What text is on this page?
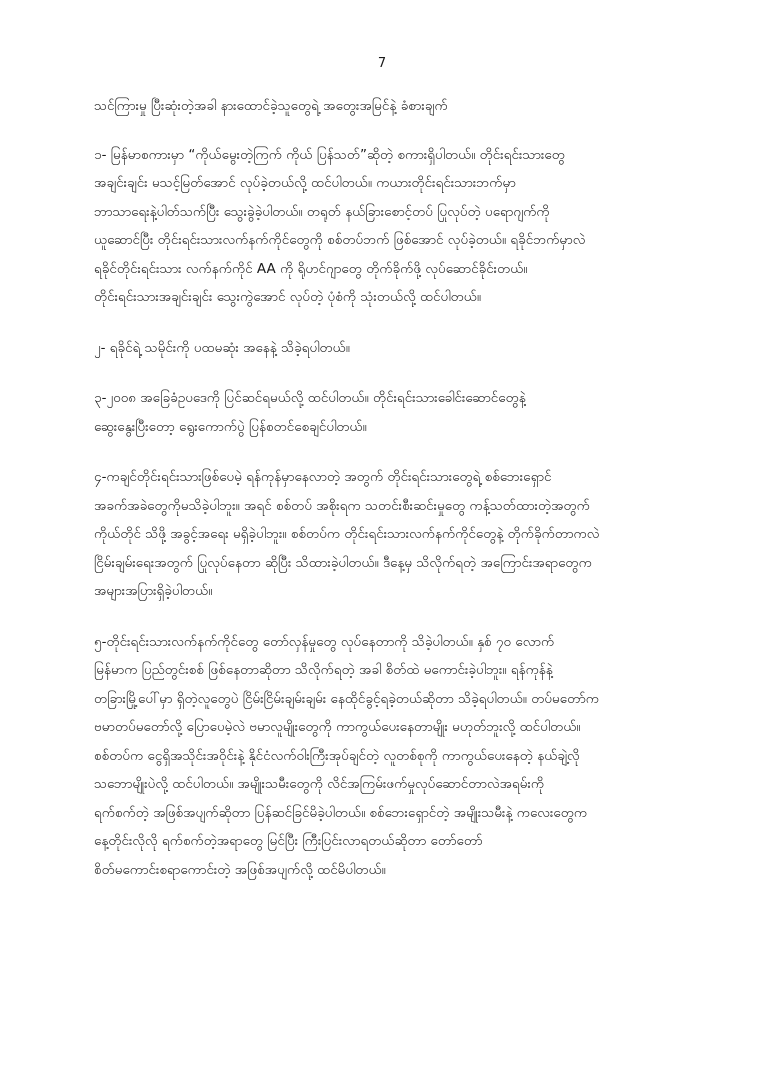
7
သင်ကြားမှု ပြီးဆုံးတဲ့အခါ နားထောင်ခဲ့သူတွေရဲ့ အတွေးအမြင်နဲ့ ခံစားချက်
၁- မြန်မာစကားမှာ “ကိုယ်မွေးတဲ့ကြက် ကိုယ် ပြန်သတ်”ဆိုတဲ့ စကားရှိပါတယ်။ တိုင်းရင်းသားတွေ
အချင်းချင်း မသင့်မြတ်အောင် လုပ်ခဲ့တယ်လို့ ထင်ပါတယ်။ ကယားတိုင်းရင်းသားဘက်မှာ
ဘာသာရေးနဲ့ပါတ်သက်ပြီး သွေးခွဲခဲ့ပါတယ်။ တရုတ် နယ်ခြားစောင့်တပ် ပြုလုပ်တဲ့ ပရောဂျက်ကို
ယူဆောင်ပြီး တိုင်းရင်းသားလက်နက်ကိုင်တွေကို စစ်တပ်ဘက် ဖြစ်အောင် လုပ်ခဲ့တယ်။ ရခိုင်ဘက်မှာလဲ
ရခိုင်တိုင်းရင်းသား လက်နက်ကိုင် AA ကို ရိုဟင်ဂျာတွေ တိုက်ခိုက်ဖို့ လုပ်ဆောင်ခိုင်းတယ်။
တိုင်းရင်းသားအချင်းချင်း သွေးကွဲအောင် လုပ်တဲ့ ပုံစံကို သုံးတယ်လို့ ထင်ပါတယ်။
၂- ရခိုင်ရဲ့ သမိုင်းကို ပထမဆုံး အနေနဲ့ သိခဲ့ရပါတယ်။
၃-၂၀၀၈ အခြေခံဥပဒေကို ပြင်ဆင်ရမယ်လို့ ထင်ပါတယ်။ တိုင်းရင်းသားခေါင်းဆောင်တွေနဲ့
ဆွေးနွေးပြီးတော့ ရွေးကောက်ပွဲ ပြန်စတင်စေချင်ပါတယ်။
၄-ကချင်တိုင်းရင်းသားဖြစ်ပေမဲ့ ရန်ကုန်မှာနေလာတဲ့ အတွက် တိုင်းရင်းသားတွေရဲ့ စစ်ဘေးရှောင်
အခက်အခဲတွေကိုမသိခဲ့ပါဘူး။ အရင် စစ်တပ် အစိုးရက သတင်းစီးဆင်းမှုတွေ ကန့်သတ်ထားတဲ့အတွက်
ကိုယ်တိုင် သိဖို့ အခွင့်အရေး မရှိခဲ့ပါဘူး။ စစ်တပ်က တိုင်းရင်းသားလက်နက်ကိုင်တွေနဲ့ တိုက်ခိုက်တာကလဲ
ငြိမ်းချမ်းရေးအတွက် ပြုလုပ်နေတာ ဆိုပြီး သိထားခဲ့ပါတယ်။ ဒီနေ့မှ သိလိုက်ရတဲ့ အကြောင်းအရာတွေက
အများအပြားရှိခဲ့ပါတယ်။
၅-တိုင်းရင်းသားလက်နက်ကိုင်တွေ တော်လှန်မှုတွေ လုပ်နေတာကို သိခဲ့ပါတယ်။ နှစ် ၇၀ လောက်
မြန်မာက ပြည်တွင်းစစ် ဖြစ်နေတာဆိုတာ သိလိုက်ရတဲ့ အခါ စိတ်ထဲ မကောင်းခဲ့ပါဘူး။ ရန်ကုန်နဲ့
တခြားမြို့ပေါ်မှာ ရှိတဲ့လူတွေပဲ ငြိမ်းငြိမ်းချမ်းချမ်း နေထိုင်ခွင့်ရခဲ့တယ်ဆိုတာ သိခဲ့ရပါတယ်။ တပ်မတော်က
ဗမာတပ်မတော်လို့ ပြောပေမဲ့လဲ ဗမာလူမျိုးတွေကို ကာကွယ်ပေးနေတာမျိုး မဟုတ်ဘူးလို့ ထင်ပါတယ်။
စစ်တပ်က ငွေရှိအသိုင်းအဝိုင်းနဲ့ နိုင်ငံလက်ဝါးကြီးအုပ်ချင်တဲ့ လူတစ်စုကို ကာကွယ်ပေးနေတဲ့ နယ်ချဲ့လို
သဘောမျိုးပဲလို့ ထင်ပါတယ်။ အမျိုးသမီးတွေကို လိင်အကြမ်းဖက်မှုလုပ်ဆောင်တာလဲအရမ်းကို
ရက်စက်တဲ့ အဖြစ်အပျက်ဆိုတာ ပြန်ဆင်ခြင်မိခဲ့ပါတယ်။ စစ်ဘေးရှောင်တဲ့ အမျိုးသမီးနဲ့ ကလေးတွေက
နေ့တိုင်းလိုလို ရက်စက်တဲ့အရာတွေ မြင်ပြီး ကြီးပြင်းလာရတယ်ဆိုတာ တော်တော်
စိတ်မကောင်းစရာကောင်းတဲ့ အဖြစ်အပျက်လို့ ထင်မိပါတယ်။
